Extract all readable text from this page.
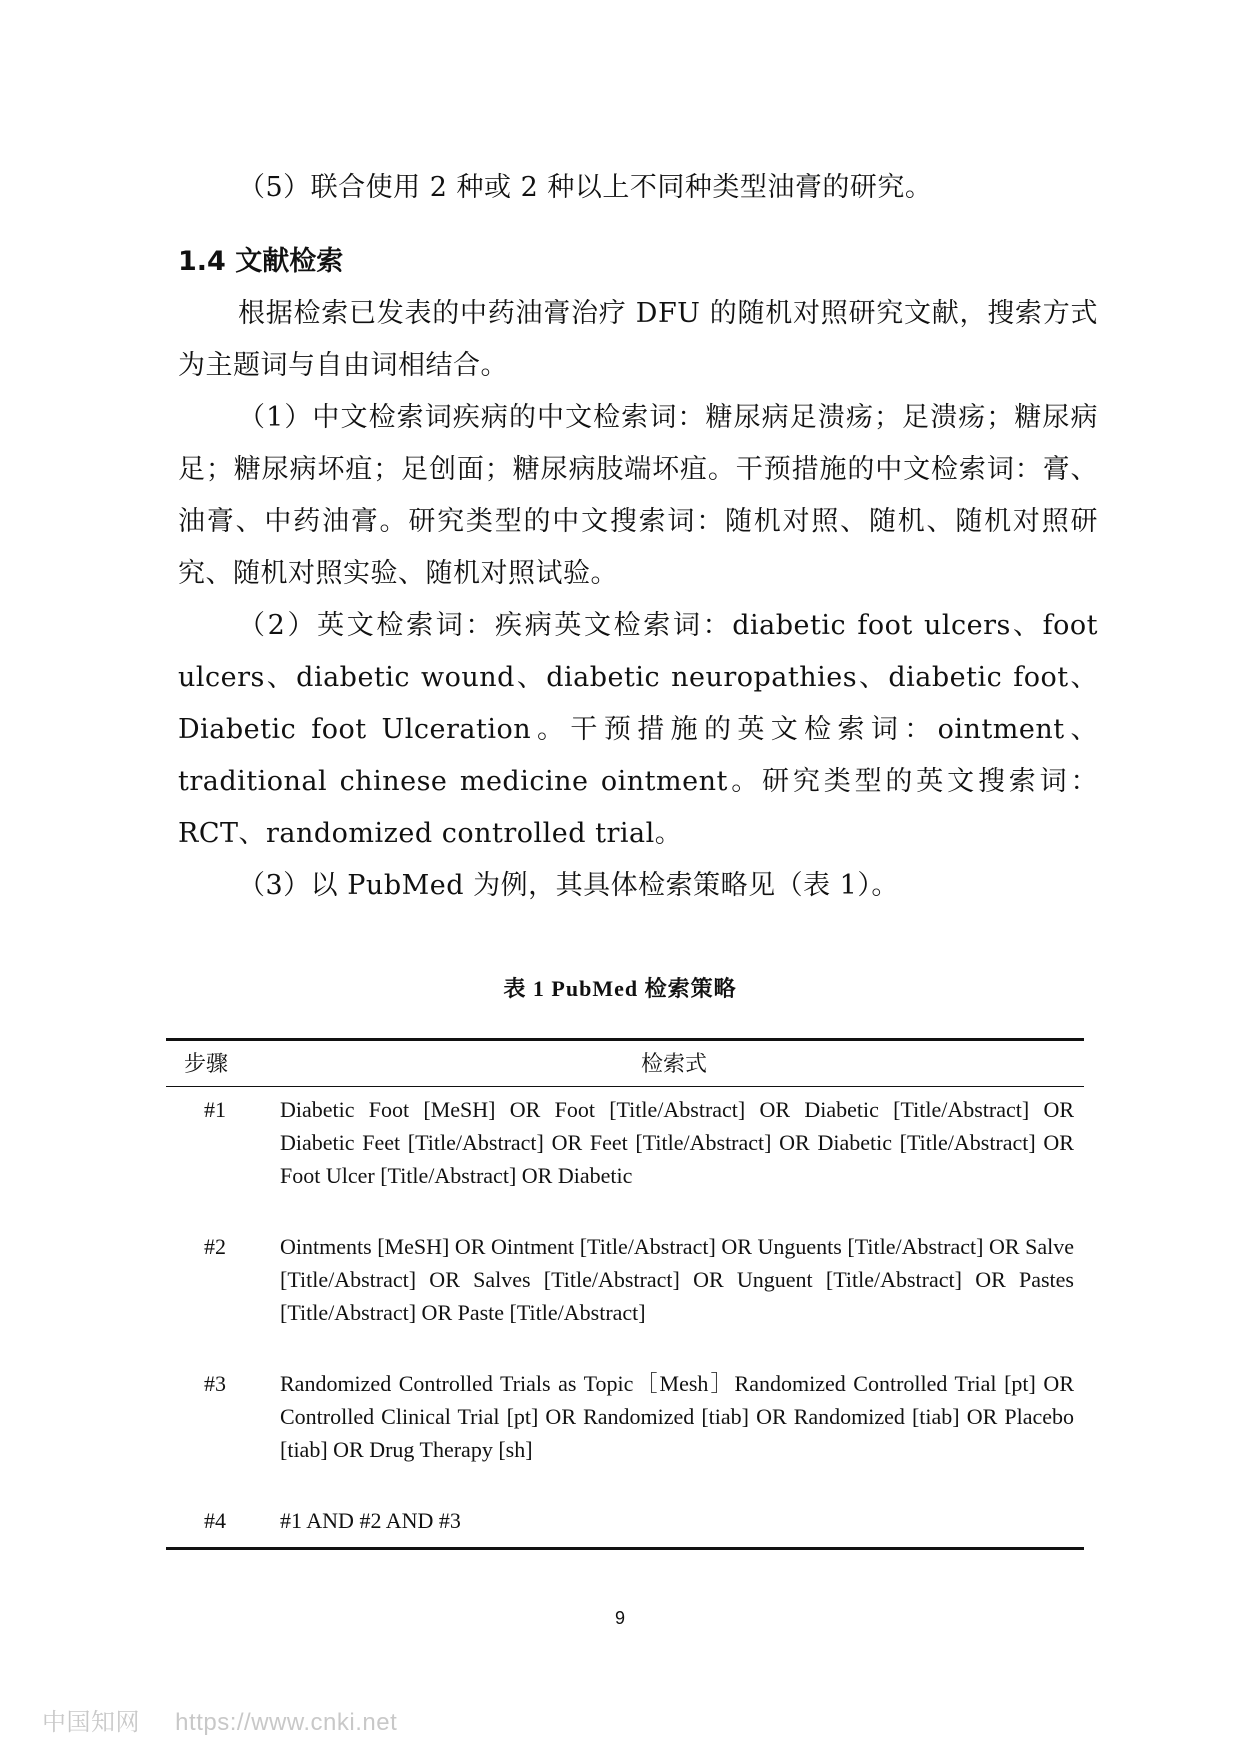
（5）联合使用 2 种或 2 种以上不同种类型油膏的研究。

1.4 文献检索

根据检索已发表的中药油膏治疗 DFU 的随机对照研究文献，搜索方式为主题词与自由词相结合。

（1）中文检索词疾病的中文检索词：糖尿病足溃疡；足溃疡；糖尿病足；糖尿病坏疽；足创面；糖尿病肢端坏疽。干预措施的中文检索词：膏、油膏、中药油膏。研究类型的中文搜索词：随机对照、随机、随机对照研究、随机对照实验、随机对照试验。

（2）英文检索词：疾病英文检索词：diabetic foot ulcers、foot ulcers、diabetic wound、diabetic neuropathies、diabetic foot、Diabetic foot Ulceration。干预措施的英文检索词：ointment、traditional chinese medicine ointment。研究类型的英文搜索词：RCT、randomized controlled trial。

（3）以 PubMed 为例，其具体检索策略见（表 1）。

表 1 PubMed 检索策略
步骤	检索式
#1	Diabetic Foot [MeSH] OR Foot [Title/Abstract] OR Diabetic [Title/Abstract] OR Diabetic Feet [Title/Abstract] OR Feet [Title/Abstract] OR Diabetic [Title/Abstract] OR Foot Ulcer [Title/Abstract] OR Diabetic
#2	Ointments [MeSH] OR Ointment [Title/Abstract] OR Unguents [Title/Abstract] OR Salve [Title/Abstract] OR Salves [Title/Abstract] OR Unguent [Title/Abstract] OR Pastes [Title/Abstract] OR Paste [Title/Abstract]
#3	Randomized Controlled Trials as Topic［Mesh］Randomized Controlled Trial [pt] OR Controlled Clinical Trial [pt] OR Randomized [tiab] OR Randomized [tiab] OR Placebo [tiab] OR Drug Therapy [sh]
#4	#1 AND #2 AND #3
9
中国知网 https://www.cnki.net
